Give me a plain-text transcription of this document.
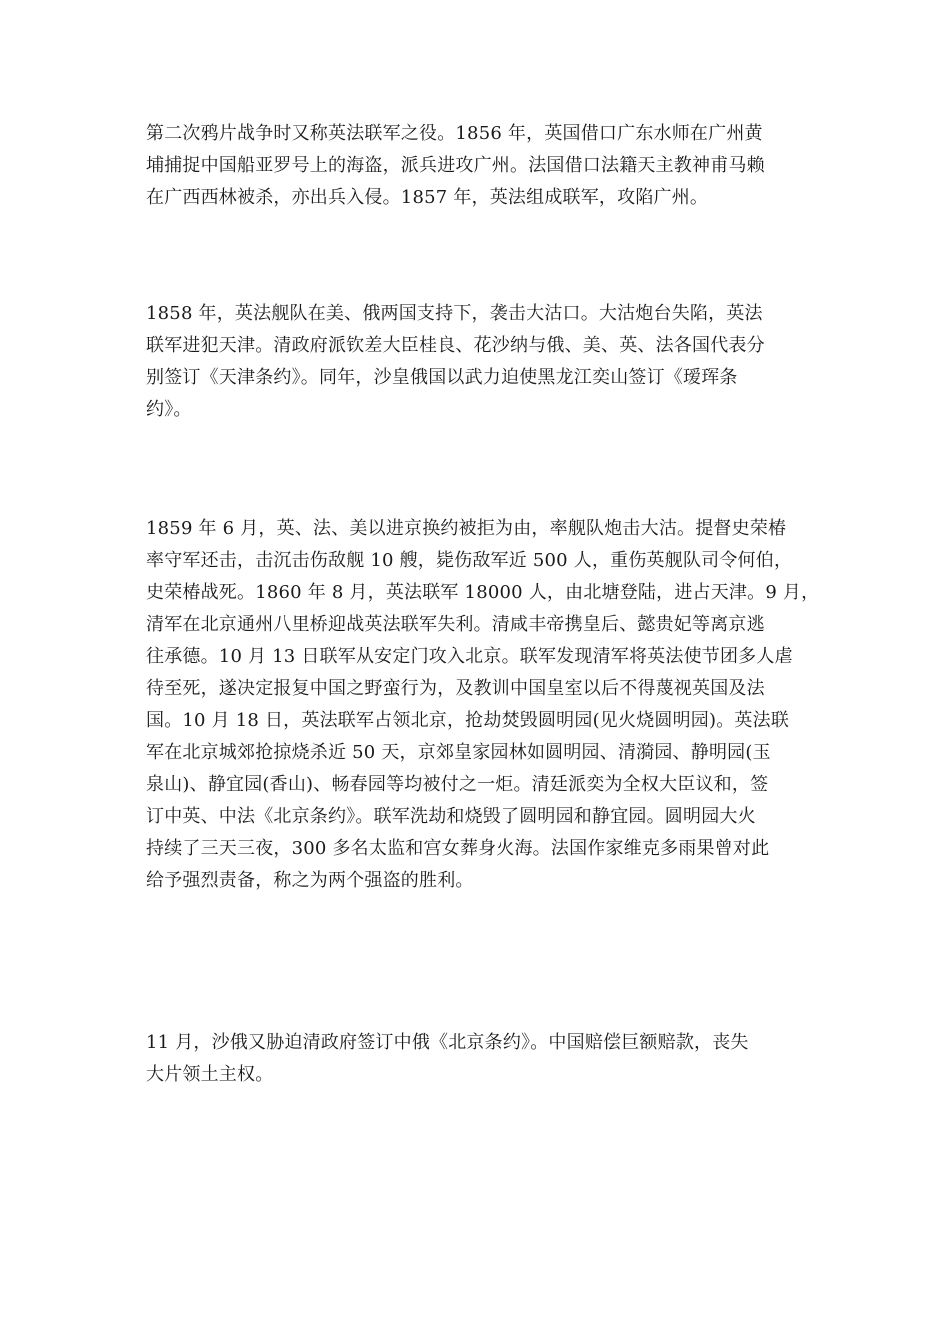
第二次鸦片战争时又称英法联军之役。1856 年，英国借口广东水师在广州黄
埔捕捉中国船亚罗号上的海盗，派兵进攻广州。法国借口法籍天主教神甫马赖
在广西西林被杀，亦出兵入侵。1857 年，英法组成联军，攻陷广州。

1858 年，英法舰队在美、俄两国支持下，袭击大沽口。大沽炮台失陷，英法
联军进犯天津。清政府派钦差大臣桂良、花沙纳与俄、美、英、法各国代表分
别签订《天津条约》。同年，沙皇俄国以武力迫使黑龙江奕山签订《瑷珲条
约》。

1859 年 6 月，英、法、美以进京换约被拒为由，率舰队炮击大沽。提督史荣椿
率守军还击，击沉击伤敌舰 10 艘，毙伤敌军近 500 人，重伤英舰队司令何伯，
史荣椿战死。1860 年 8 月，英法联军 18000 人，由北塘登陆，进占天津。9 月，
清军在北京通州八里桥迎战英法联军失利。清咸丰帝携皇后、懿贵妃等离京逃
往承德。10 月 13 日联军从安定门攻入北京。联军发现清军将英法使节团多人虐
待至死，遂决定报复中国之野蛮行为，及教训中国皇室以后不得蔑视英国及法
国。10 月 18 日，英法联军占领北京，抢劫焚毁圆明园(见火烧圆明园)。英法联
军在北京城郊抢掠烧杀近 50 天，京郊皇家园林如圆明园、清漪园、静明园(玉
泉山)、静宜园(香山)、畅春园等均被付之一炬。清廷派奕为全权大臣议和，签
订中英、中法《北京条约》。联军洗劫和烧毁了圆明园和静宜园。圆明园大火
持续了三天三夜，300 多名太监和宫女葬身火海。法国作家维克多雨果曾对此
给予强烈责备，称之为两个强盗的胜利。

11 月，沙俄又胁迫清政府签订中俄《北京条约》。中国赔偿巨额赔款，丧失
大片领土主权。
